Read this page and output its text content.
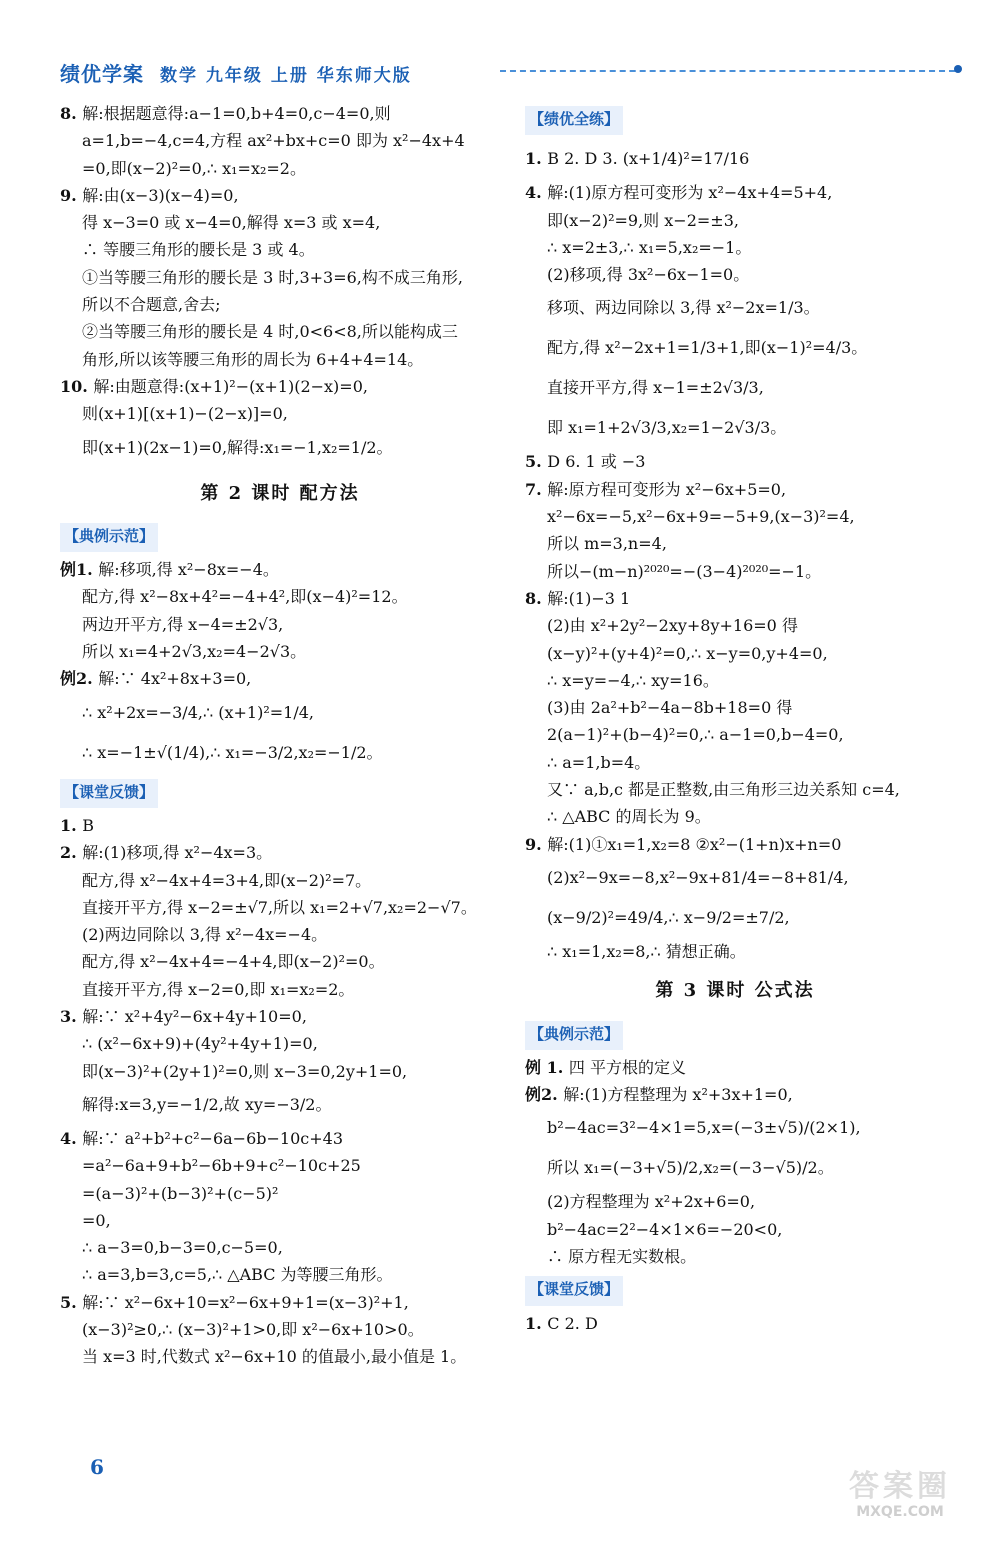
绩优学案 数学 九年级 上册 华东师大版
8. 解:根据题意得:a−1=0,b+4=0,c−4=0,则
a=1,b=−4,c=4,方程 ax²+bx+c=0 即为 x²−4x+4
=0,即(x−2)²=0,∴ x₁=x₂=2。
9. 解:由(x−3)(x−4)=0,
得 x−3=0 或 x−4=0,解得 x=3 或 x=4,
∴ 等腰三角形的腰长是 3 或 4。
①当等腰三角形的腰长是 3 时,3+3=6,构不成三角形,
所以不合题意,舍去;
②当等腰三角形的腰长是 4 时,0<6<8,所以能构成三
角形,所以该等腰三角形的周长为 6+4+4=14。
10. 解:由题意得:(x+1)²−(x+1)(2−x)=0,
则(x+1)[(x+1)−(2−x)]=0,
即(x+1)(2x−1)=0,解得:x₁=−1,x₂=1/2。
第 2 课时 配方法
【典例示范】
例1. 解:移项,得 x²−8x=−4。
配方,得 x²−8x+4²=−4+4²,即(x−4)²=12。
两边开平方,得 x−4=±2√3,
所以 x₁=4+2√3,x₂=4−2√3。
例2. 解:∵ 4x²+8x+3=0,
∴ x²+2x=−3/4,∴ (x+1)²=1/4,
∴ x=−1±√(1/4),∴ x₁=−3/2,x₂=−1/2。
【课堂反馈】
1. B
2. 解:(1)移项,得 x²−4x=3。
配方,得 x²−4x+4=3+4,即(x−2)²=7。
直接开平方,得 x−2=±√7,所以 x₁=2+√7,x₂=2−√7。
(2)两边同除以 3,得 x²−4x=−4。
配方,得 x²−4x+4=−4+4,即(x−2)²=0。
直接开平方,得 x−2=0,即 x₁=x₂=2。
3. 解:∵ x²+4y²−6x+4y+10=0,
∴ (x²−6x+9)+(4y²+4y+1)=0,
即(x−3)²+(2y+1)²=0,则 x−3=0,2y+1=0,
解得:x=3,y=−1/2,故 xy=−3/2。
4. 解:∵ a²+b²+c²−6a−6b−10c+43
=a²−6a+9+b²−6b+9+c²−10c+25
=(a−3)²+(b−3)²+(c−5)²
=0,
∴ a−3=0,b−3=0,c−5=0,
∴ a=3,b=3,c=5,∴ △ABC 为等腰三角形。
5. 解:∵ x²−6x+10=x²−6x+9+1=(x−3)²+1,
(x−3)²≥0,∴ (x−3)²+1>0,即 x²−6x+10>0。
当 x=3 时,代数式 x²−6x+10 的值最小,最小值是 1。
【绩优全练】
1. B 2. D 3. (x+1/4)²=17/16
4. 解:(1)原方程可变形为 x²−4x+4=5+4,
即(x−2)²=9,则 x−2=±3,
∴ x=2±3,∴ x₁=5,x₂=−1。
(2)移项,得 3x²−6x−1=0。
移项、两边同除以 3,得 x²−2x=1/3。
配方,得 x²−2x+1=1/3+1,即(x−1)²=4/3。
直接开平方,得 x−1=±2√3/3,
即 x₁=1+2√3/3,x₂=1−2√3/3。
5. D 6. 1 或 −3
7. 解:原方程可变形为 x²−6x+5=0,
x²−6x=−5,x²−6x+9=−5+9,(x−3)²=4,
所以 m=3,n=4,
所以−(m−n)²⁰²⁰=−(3−4)²⁰²⁰=−1。
8. 解:(1)−3 1
(2)由 x²+2y²−2xy+8y+16=0 得
(x−y)²+(y+4)²=0,∴ x−y=0,y+4=0,
∴ x=y=−4,∴ xy=16。
(3)由 2a²+b²−4a−8b+18=0 得
2(a−1)²+(b−4)²=0,∴ a−1=0,b−4=0,
∴ a=1,b=4。
又∵ a,b,c 都是正整数,由三角形三边关系知 c=4,
∴ △ABC 的周长为 9。
9. 解:(1)①x₁=1,x₂=8 ②x²−(1+n)x+n=0
(2)x²−9x=−8,x²−9x+81/4=−8+81/4,
(x−9/2)²=49/4,∴ x−9/2=±7/2,
∴ x₁=1,x₂=8,∴ 猜想正确。
第 3 课时 公式法
【典例示范】
例 1. 四 平方根的定义
例2. 解:(1)方程整理为 x²+3x+1=0,
b²−4ac=3²−4×1=5,x=(−3±√5)/(2×1),
所以 x₁=(−3+√5)/2,x₂=(−3−√5)/2。
(2)方程整理为 x²+2x+6=0,
b²−4ac=2²−4×1×6=−20<0,
∴ 原方程无实数根。
【课堂反馈】
1. C 2. D
6
答案圈
MXQE.COM
